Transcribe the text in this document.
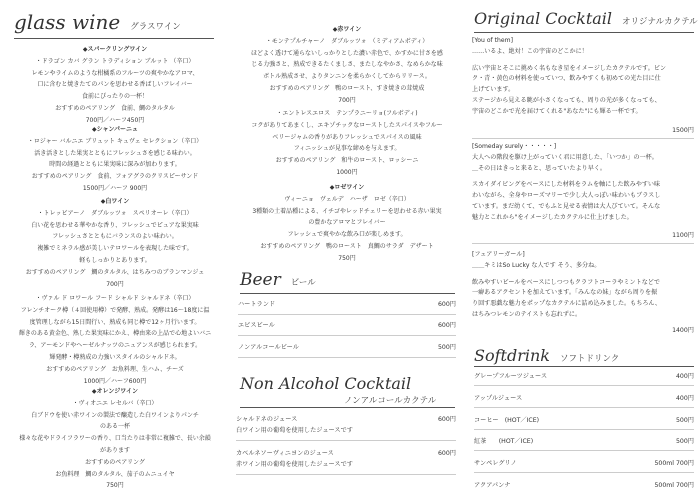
glass wine グラスワイン
◆スパークリングワイン
・ドラゴン カバ グラン トラディション ブルット （辛口）
レモンやライムのような柑橘系のフルーツの爽やかなアロマ、
口に含むと焼きたてのパンを思わせる香ばしいフレイバー
食前にぴったりの一杯！
おすすめのペアリング　食前、鯛のタルタル
700円／ハーフ450円
◆シャンパーニュ
・ロジャー バルニエ ブリュット キュヴェ セレクション（辛口）
活き活きとした果実とともにフレッシュさを感じる味わい。
時間の経過とともに果実味に深みが加わります。
おすすめのペアリング　食前、フォアグラのクリスピーサンド
1500円／ハーフ 900円
◆白ワイン
・トレッビアーノ　ダブルッツォ　スペリオーレ（辛口）
白い花を思わせる華やかな香り、フレッシュでピュアな果実味
フレッシュさとともにバランスのよい味わい。
複雑でミネラル感が美しいテロワールを表現した味です。
軽もしっかりとあります。
おすすめのペアリング　鯛のタルタル、はちみつのブランマンジェ
700円
・ヴァル ド ロワール フード シャルド シャルドネ（辛口）
フレンチオーク樽（４回使用樽）で発酵、熟成。発酵は16～18度に温
度管理しながら15日間行い、熟成も同じ樽で12ヶ月行います。
輝きのある黄金色、熟した果実味にかえ、樽由来の上品で心地よいバニ
ラ、アーモンドやヘーゼルナッツのニュアンスが感じられます。
輝発酵・樽熟成の力強いスタイルのシャルドネ。
おすすめのペアリング　お魚料理、生ハム、チーズ
1000円／ハーフ600円
◆オレンジワイン
・ヴィオニエ レセルバ（辛口）
白ブドウを使い赤ワインの製法で醸造した白ワインよりパンチ
のある一杯
様々な花やドライフラワーの香り、口当たりは非常に複雑で、長い余韻
があります
おすすめのペアリング
お魚料理　鯛のタルタル、茄子のムニュイヤ
750円
◆赤ワイン
・モンテプルチャーノ　ダブルッツォ　（ミディアムボディ）
ほどよく透けて通らないしっかりとした濃い赤色で、かすかに甘さを感
じる力強さと、熟成できるたくましさ、またしなやかさ、なめらかな味
ボトル熟成させ、よりタンニンを柔らかくしてからリリース。
おすすめのペアリング　鴨のロースト、すき焼きの茸焼成
700円
・エントレスエロス　テンプラニーリョ(フルボディ)
コクがありてあまくし、エキゾチックなローストしたスパイスやフルー
ベリージャムの香りがありフレッシュでスパイスの風味
フィニッシュが見事な締めを与えます。
おすすめのペアリング　和牛のロースト、ロッシーニ
1000円
◆ロゼワイン
ヴィーニョ　ヴェルデ　ハーザ　ロゼ（辛口）
3種類の土着品種による、イチゴやレッドチェリーを思わせる赤い果実
の豊かなアロマとフレイバー
フレッシュで爽やかな飲み口が楽しめます。
おすすめのペアリング　鴨のロースト　真鯛のサラダ　デザート
750円
Beer ビール
ハートランド	600円
エビスビール	600円
ノンアルコールビール	500円
Non Alcohol Cocktail
ノンアルコールカクテル
シャルドネのジュース	600円
白ワイン用の葡萄を使用したジュースです
カベルネソーヴィニヨンのジュース	600円
赤ワイン用の葡萄を使用したジュースです
Original Cocktail オリジナルカクテル
[You of them]
……いるよ、絶対！この宇宙のどこかに！
広い宇宙とそこに挑めく名もなき星をイメージしたカクテルです。ビン
ク・青・黄色の材料を使っていつ、飲みやすくも初めての光た目に仕
上げています。
ステージから見える眺が小さくなっても、周りの光が多くなっても、
宇宙のどこかで光を届けてくれる"あなた"にも輝る一杯です。
1500円
[Someday surely・・・・・]
大人への階段を駆け上がっていく君に用意した、「いつか」の一杯。
＿その日はきっと来ると、思っていたより早く。
スカイダイビングをベースにした材料をラムを軸にした飲みやすい味
わいながら、全身やローズマリーで少し大人っぽい味わいもブラスし
ています。まだ幼くて、でもふと見せる表情は大人びていて。そんな
魅力とこれから"をイメージしたカクテルに仕上げました。
1100円
[フェアリーガール]
＿＿キミはSo Lucky な人です そう、多分ね。
飲みやすいビールをベースにしつつもクラフトコーラやミントなどで
一癖あるアクセントを加えています。「みんなの妹」ながら周りを振
り回す悪戯な魅力をポップなカクテルに詰め込みました。もちろん、
はちみつレモンのテイストも忘れずに。
1400円
Softdrink ソフトドリンク
グレープフルーツジュース	400円
アップルジュース	400円
コーヒー　(HOT／ICE)	500円
紅茶　　(HOT／ICE)	500円
サンペレグリノ	500ml 700円
アクアパンナ	500ml 700円
